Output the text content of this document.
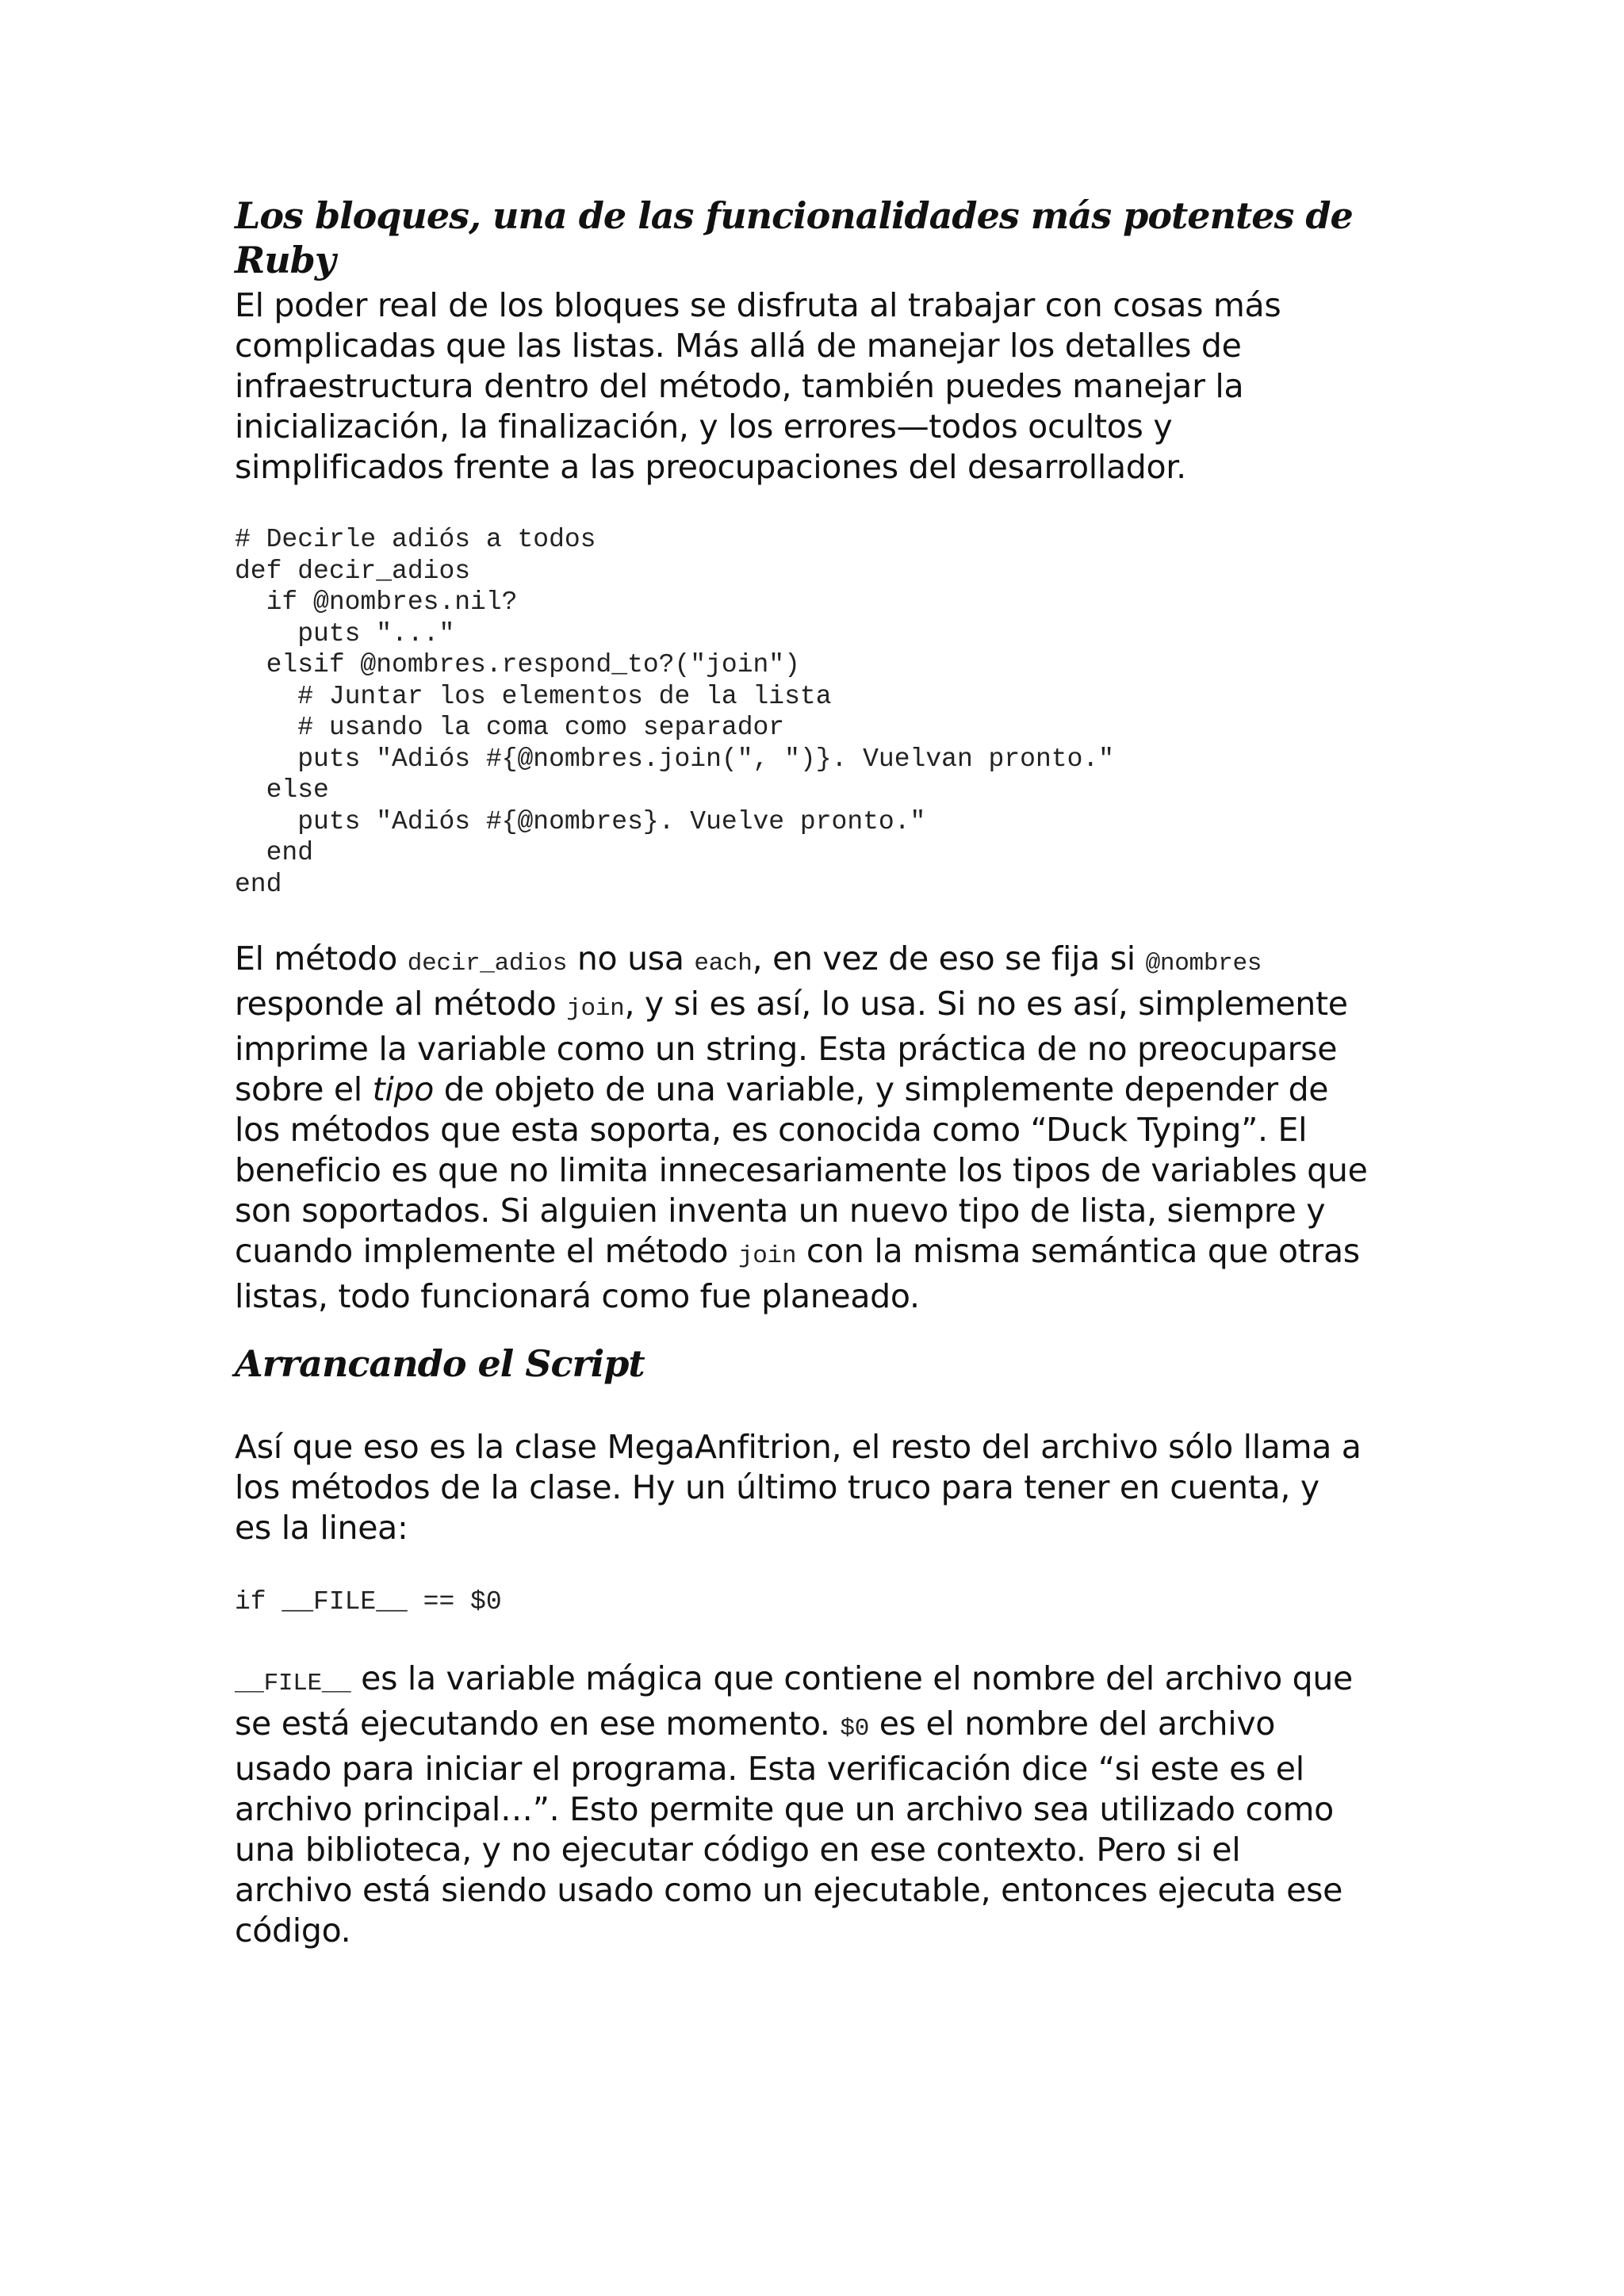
Los bloques, una de las funcionalidades más potentes de Ruby

El poder real de los bloques se disfruta al trabajar con cosas más
complicadas que las listas. Más allá de manejar los detalles de
infraestructura dentro del método, también puedes manejar la
inicialización, la finalización, y los errores—todos ocultos y
simplificados frente a las preocupaciones del desarrollador.

# Decirle adiós a todos
def decir_adios
if @nombres.nil?
puts "..."
elsif @nombres.respond_to?("join")
# Juntar los elementos de la lista
# usando la coma como separador
puts "Adiós #{@nombres.join(", ")}. Vuelvan pronto."
else
puts "Adiós #{@nombres}. Vuelve pronto."
end
end

El método decir_adios no usa each, en vez de eso se fija si @nombres
responde al método join, y si es así, lo usa. Si no es así, simplemente
imprime la variable como un string. Esta práctica de no preocuparse
sobre el tipo de objeto de una variable, y simplemente depender de
los métodos que esta soporta, es conocida como “Duck Typing”. El
beneficio es que no limita innecesariamente los tipos de variables que
son soportados. Si alguien inventa un nuevo tipo de lista, siempre y
cuando implemente el método join con la misma semántica que otras
listas, todo funcionará como fue planeado.

Arrancando el Script

Así que eso es la clase MegaAnfitrion, el resto del archivo sólo llama a
los métodos de la clase. Hy un último truco para tener en cuenta, y
es la linea:

if __FILE__ == $0

__FILE__ es la variable mágica que contiene el nombre del archivo que
se está ejecutando en ese momento. $0 es el nombre del archivo
usado para iniciar el programa. Esta verificación dice “si este es el
archivo principal…”. Esto permite que un archivo sea utilizado como
una biblioteca, y no ejecutar código en ese contexto. Pero si el
archivo está siendo usado como un ejecutable, entonces ejecuta ese
código.
